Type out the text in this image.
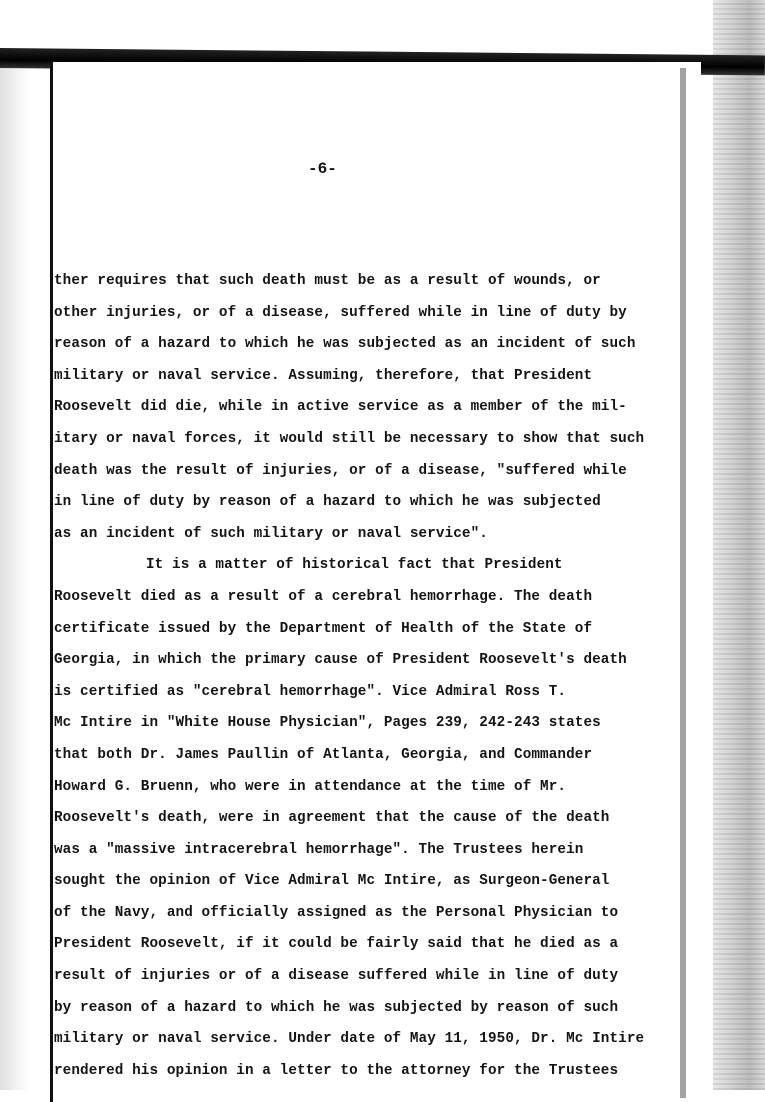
-6-
ther requires that such death must be as a result of wounds, or
other injuries, or of a disease, suffered while in line of duty by
reason of a hazard to which he was subjected as an incident of such
military or naval service. Assuming, therefore, that President
Roosevelt did die, while in active service as a member of the mil-
itary or naval forces, it would still be necessary to show that such
death was the result of injuries, or of a disease, "suffered while
in line of duty by reason of a hazard to which he was subjected
as an incident of such military or naval service".
It is a matter of historical fact that President
Roosevelt died as a result of a cerebral hemorrhage. The death
certificate issued by the Department of Health of the State of
Georgia, in which the primary cause of President Roosevelt's death
is certified as "cerebral hemorrhage". Vice Admiral Ross T.
Mc Intire in "White House Physician", Pages 239, 242-243 states
that both Dr. James Paullin of Atlanta, Georgia, and Commander
Howard G. Bruenn, who were in attendance at the time of Mr.
Roosevelt's death, were in agreement that the cause of the death
was a "massive intracerebral hemorrhage". The Trustees herein
sought the opinion of Vice Admiral Mc Intire, as Surgeon-General
of the Navy, and officially assigned as the Personal Physician to
President Roosevelt, if it could be fairly said that he died as a
result of injuries or of a disease suffered while in line of duty
by reason of a hazard to which he was subjected by reason of such
military or naval service. Under date of May 11, 1950, Dr. Mc Intire
rendered his opinion in a letter to the attorney for the Trustees
